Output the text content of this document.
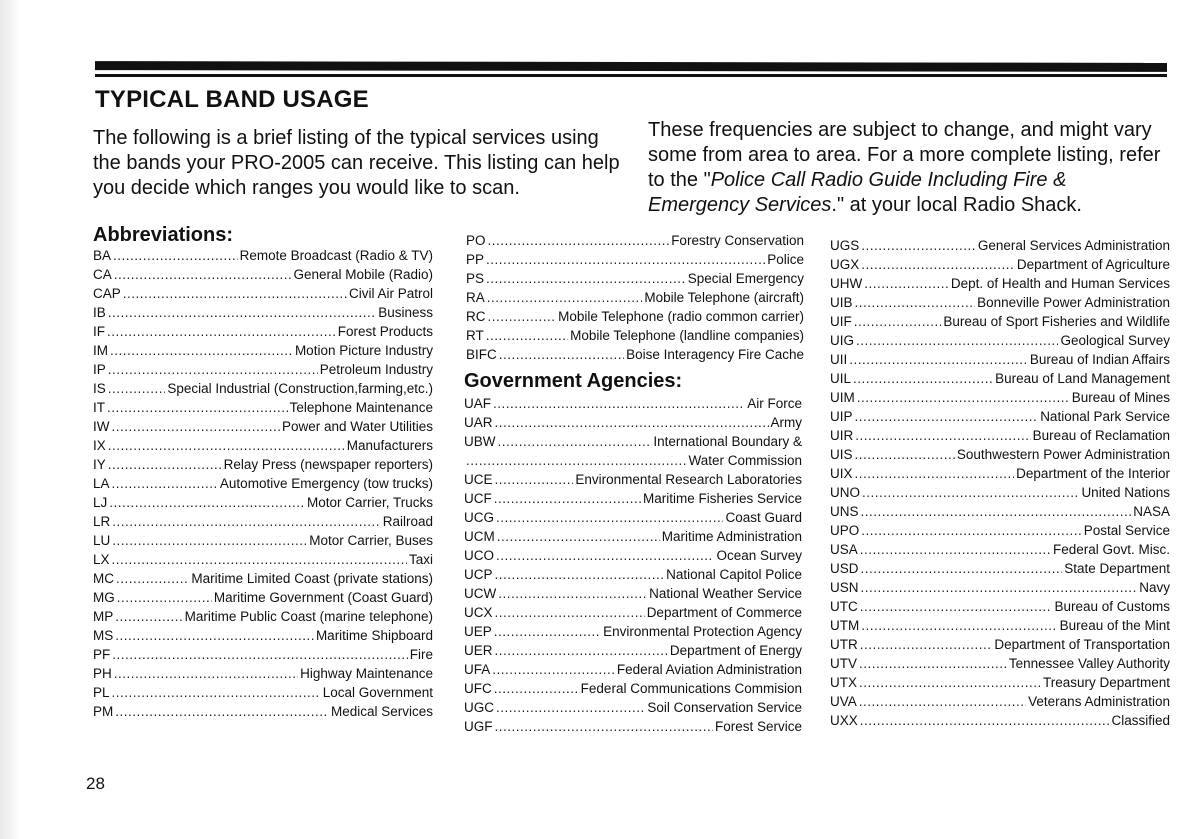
TYPICAL BAND USAGE
The following is a brief listing of the typical services using the bands your PRO-2005 can receive. This listing can help you decide which ranges you would like to scan.
These frequencies are subject to change, and might vary some from area to area. For a more complete listing, refer to the "Police Call Radio Guide Including Fire & Emergency Services." at your local Radio Shack.
Abbreviations:
BA .....	Remote Broadcast (Radio & TV)
CA .....	General Mobile (Radio)
CAP .....	Civil Air Patrol
IB .....	Business
IF .....	Forest Products
IM .....	Motion Picture Industry
IP .....	Petroleum Industry
IS .....	Special Industrial (Construction,farming,etc.)
IT .....	Telephone Maintenance
IW .....	Power and Water Utilities
IX .....	Manufacturers
IY .....	Relay Press (newspaper reporters)
LA .....	Automotive Emergency (tow trucks)
LJ .....	Motor Carrier, Trucks
LR .....	Railroad
LU .....	Motor Carrier, Buses
LX .....	Taxi
MC .....	Maritime Limited Coast (private stations)
MG .....	Maritime Government (Coast Guard)
MP .....	Maritime Public Coast (marine telephone)
MS .....	Maritime Shipboard
PF .....	Fire
PH .....	Highway Maintenance
PL .....	Local Government
PM .....	Medical Services
PO .....	Forestry Conservation
PP .....	Police
PS .....	Special Emergency
RA .....	Mobile Telephone (aircraft)
RC .....	Mobile Telephone (radio common carrier)
RT .....	Mobile Telephone (landline companies)
BIFC .....	Boise Interagency Fire Cache
Government Agencies:
UAF .....	Air Force
UAR .....	Army
UBW .....	International Boundary &
.....
Water Commission
UCE .....	Environmental Research Laboratories
UCF .....	Maritime Fisheries Service
UCG .....	Coast Guard
UCM .....	Maritime Administration
UCO .....	Ocean Survey
UCP .....	National Capitol Police
UCW .....	National Weather Service
UCX .....	Department of Commerce
UEP .....	Environmental Protection Agency
UER .....	Department of Energy
UFA .....	Federal Aviation Administration
UFC .....	Federal Communications Commision
UGC .....	Soil Conservation Service
UGF .....	Forest Service
UGS .....	General Services Administration
UGX .....	Department of Agriculture
UHW .....	Dept. of Health and Human Services
UIB .....	Bonneville Power Administration
UIF .....	Bureau of Sport Fisheries and Wildlife
UIG .....	Geological Survey
UII .....	Bureau of Indian Affairs
UIL .....	Bureau of Land Management
UIM .....	Bureau of Mines
UIP .....	National Park Service
UIR .....	Bureau of Reclamation
UIS .....	Southwestern Power Administration
UIX .....	Department of the Interior
UNO .....	United Nations
UNS .....	NASA
UPO .....	Postal Service
USA .....	Federal Govt. Misc.
USD .....	State Department
USN .....	Navy
UTC .....	Bureau of Customs
UTM .....	Bureau of the Mint
UTR .....	Department of Transportation
UTV .....	Tennessee Valley Authority
UTX .....	Treasury Department
UVA .....	Veterans Administration
UXX .....	Classified
28
